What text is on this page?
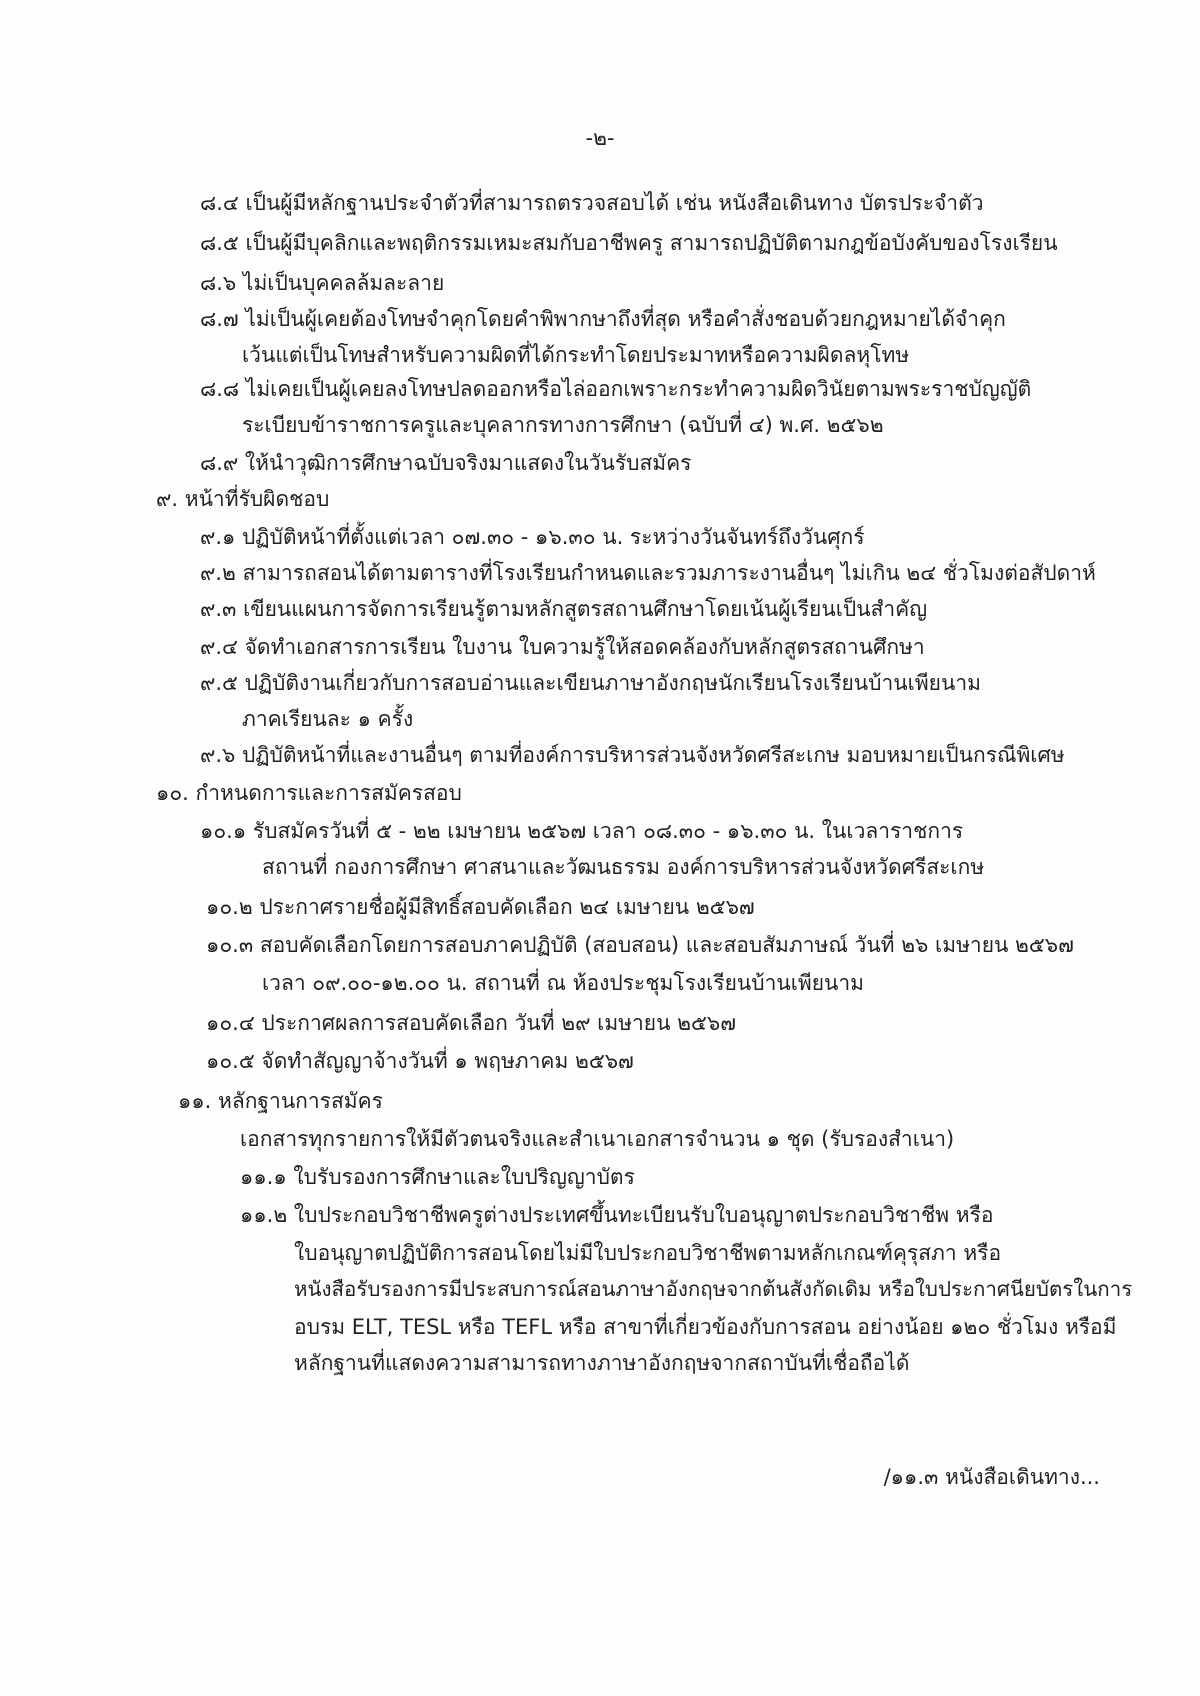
-๒-
๘.๔ เป็นผู้มีหลักฐานประจำตัวที่สามารถตรวจสอบได้ เช่น หนังสือเดินทาง บัตรประจำตัว
๘.๕ เป็นผู้มีบุคลิกและพฤติกรรมเหมะสมกับอาชีพครู สามารถปฏิบัติตามกฎข้อบังคับของโรงเรียน
๘.๖ ไม่เป็นบุคคลล้มละลาย
๘.๗ ไม่เป็นผู้เคยต้องโทษจำคุกโดยคำพิพากษาถึงที่สุด หรือคำสั่งชอบด้วยกฎหมายได้จำคุก
เว้นแต่เป็นโทษสำหรับความผิดที่ได้กระทำโดยประมาทหรือความผิดลหุโทษ
๘.๘ ไม่เคยเป็นผู้เคยลงโทษปลดออกหรือไล่ออกเพราะกระทำความผิดวินัยตามพระราชบัญญัติ
ระเบียบข้าราชการครูและบุคลากรทางการศึกษา (ฉบับที่ ๔) พ.ศ. ๒๕๖๒
๘.๙ ให้นำวุฒิการศึกษาฉบับจริงมาแสดงในวันรับสมัคร
๙. หน้าที่รับผิดชอบ
๙.๑ ปฏิบัติหน้าที่ตั้งแต่เวลา ๐๗.๓๐ - ๑๖.๓๐ น. ระหว่างวันจันทร์ถึงวันศุกร์
๙.๒ สามารถสอนได้ตามตารางที่โรงเรียนกำหนดและรวมภาระงานอื่นๆ ไม่เกิน ๒๔ ชั่วโมงต่อสัปดาห์
๙.๓ เขียนแผนการจัดการเรียนรู้ตามหลักสูตรสถานศึกษาโดยเน้นผู้เรียนเป็นสำคัญ
๙.๔ จัดทำเอกสารการเรียน ใบงาน ใบความรู้ให้สอดคล้องกับหลักสูตรสถานศึกษา
๙.๕ ปฏิบัติงานเกี่ยวกับการสอบอ่านและเขียนภาษาอังกฤษนักเรียนโรงเรียนบ้านเพียนาม
ภาคเรียนละ ๑ ครั้ง
๙.๖ ปฏิบัติหน้าที่และงานอื่นๆ ตามที่องค์การบริหารส่วนจังหวัดศรีสะเกษ มอบหมายเป็นกรณีพิเศษ
๑๐. กำหนดการและการสมัครสอบ
๑๐.๑ รับสมัครวันที่ ๕ - ๒๒ เมษายน ๒๕๖๗ เวลา ๐๘.๓๐ - ๑๖.๓๐ น. ในเวลาราชการ
สถานที่ กองการศึกษา ศาสนาและวัฒนธรรม องค์การบริหารส่วนจังหวัดศรีสะเกษ
๑๐.๒ ประกาศรายชื่อผู้มีสิทธิ์สอบคัดเลือก ๒๔ เมษายน ๒๕๖๗
๑๐.๓ สอบคัดเลือกโดยการสอบภาคปฏิบัติ (สอบสอน) และสอบสัมภาษณ์ วันที่ ๒๖ เมษายน ๒๕๖๗
เวลา ๐๙.๐๐-๑๒.๐๐ น. สถานที่ ณ ห้องประชุมโรงเรียนบ้านเพียนาม
๑๐.๔ ประกาศผลการสอบคัดเลือก วันที่ ๒๙ เมษายน ๒๕๖๗
๑๐.๕ จัดทำสัญญาจ้างวันที่ ๑ พฤษภาคม ๒๕๖๗
๑๑. หลักฐานการสมัคร
เอกสารทุกรายการให้มีตัวตนจริงและสำเนาเอกสารจำนวน ๑ ชุด (รับรองสำเนา)
๑๑.๑ ใบรับรองการศึกษาและใบปริญญาบัตร
๑๑.๒ ใบประกอบวิชาชีพครูต่างประเทศขึ้นทะเบียนรับใบอนุญาตประกอบวิชาชีพ หรือ
ใบอนุญาตปฏิบัติการสอนโดยไม่มีใบประกอบวิชาชีพตามหลักเกณฑ์คุรุสภา หรือ
หนังสือรับรองการมีประสบการณ์สอนภาษาอังกฤษจากต้นสังกัดเดิม หรือใบประกาศนียบัตรในการ
อบรม ELT, TESL หรือ TEFL หรือ สาขาที่เกี่ยวข้องกับการสอน อย่างน้อย ๑๒๐ ชั่วโมง หรือมี
หลักฐานที่แสดงความสามารถทางภาษาอังกฤษจากสถาบันที่เชื่อถือได้
/๑๑.๓ หนังสือเดินทาง...
